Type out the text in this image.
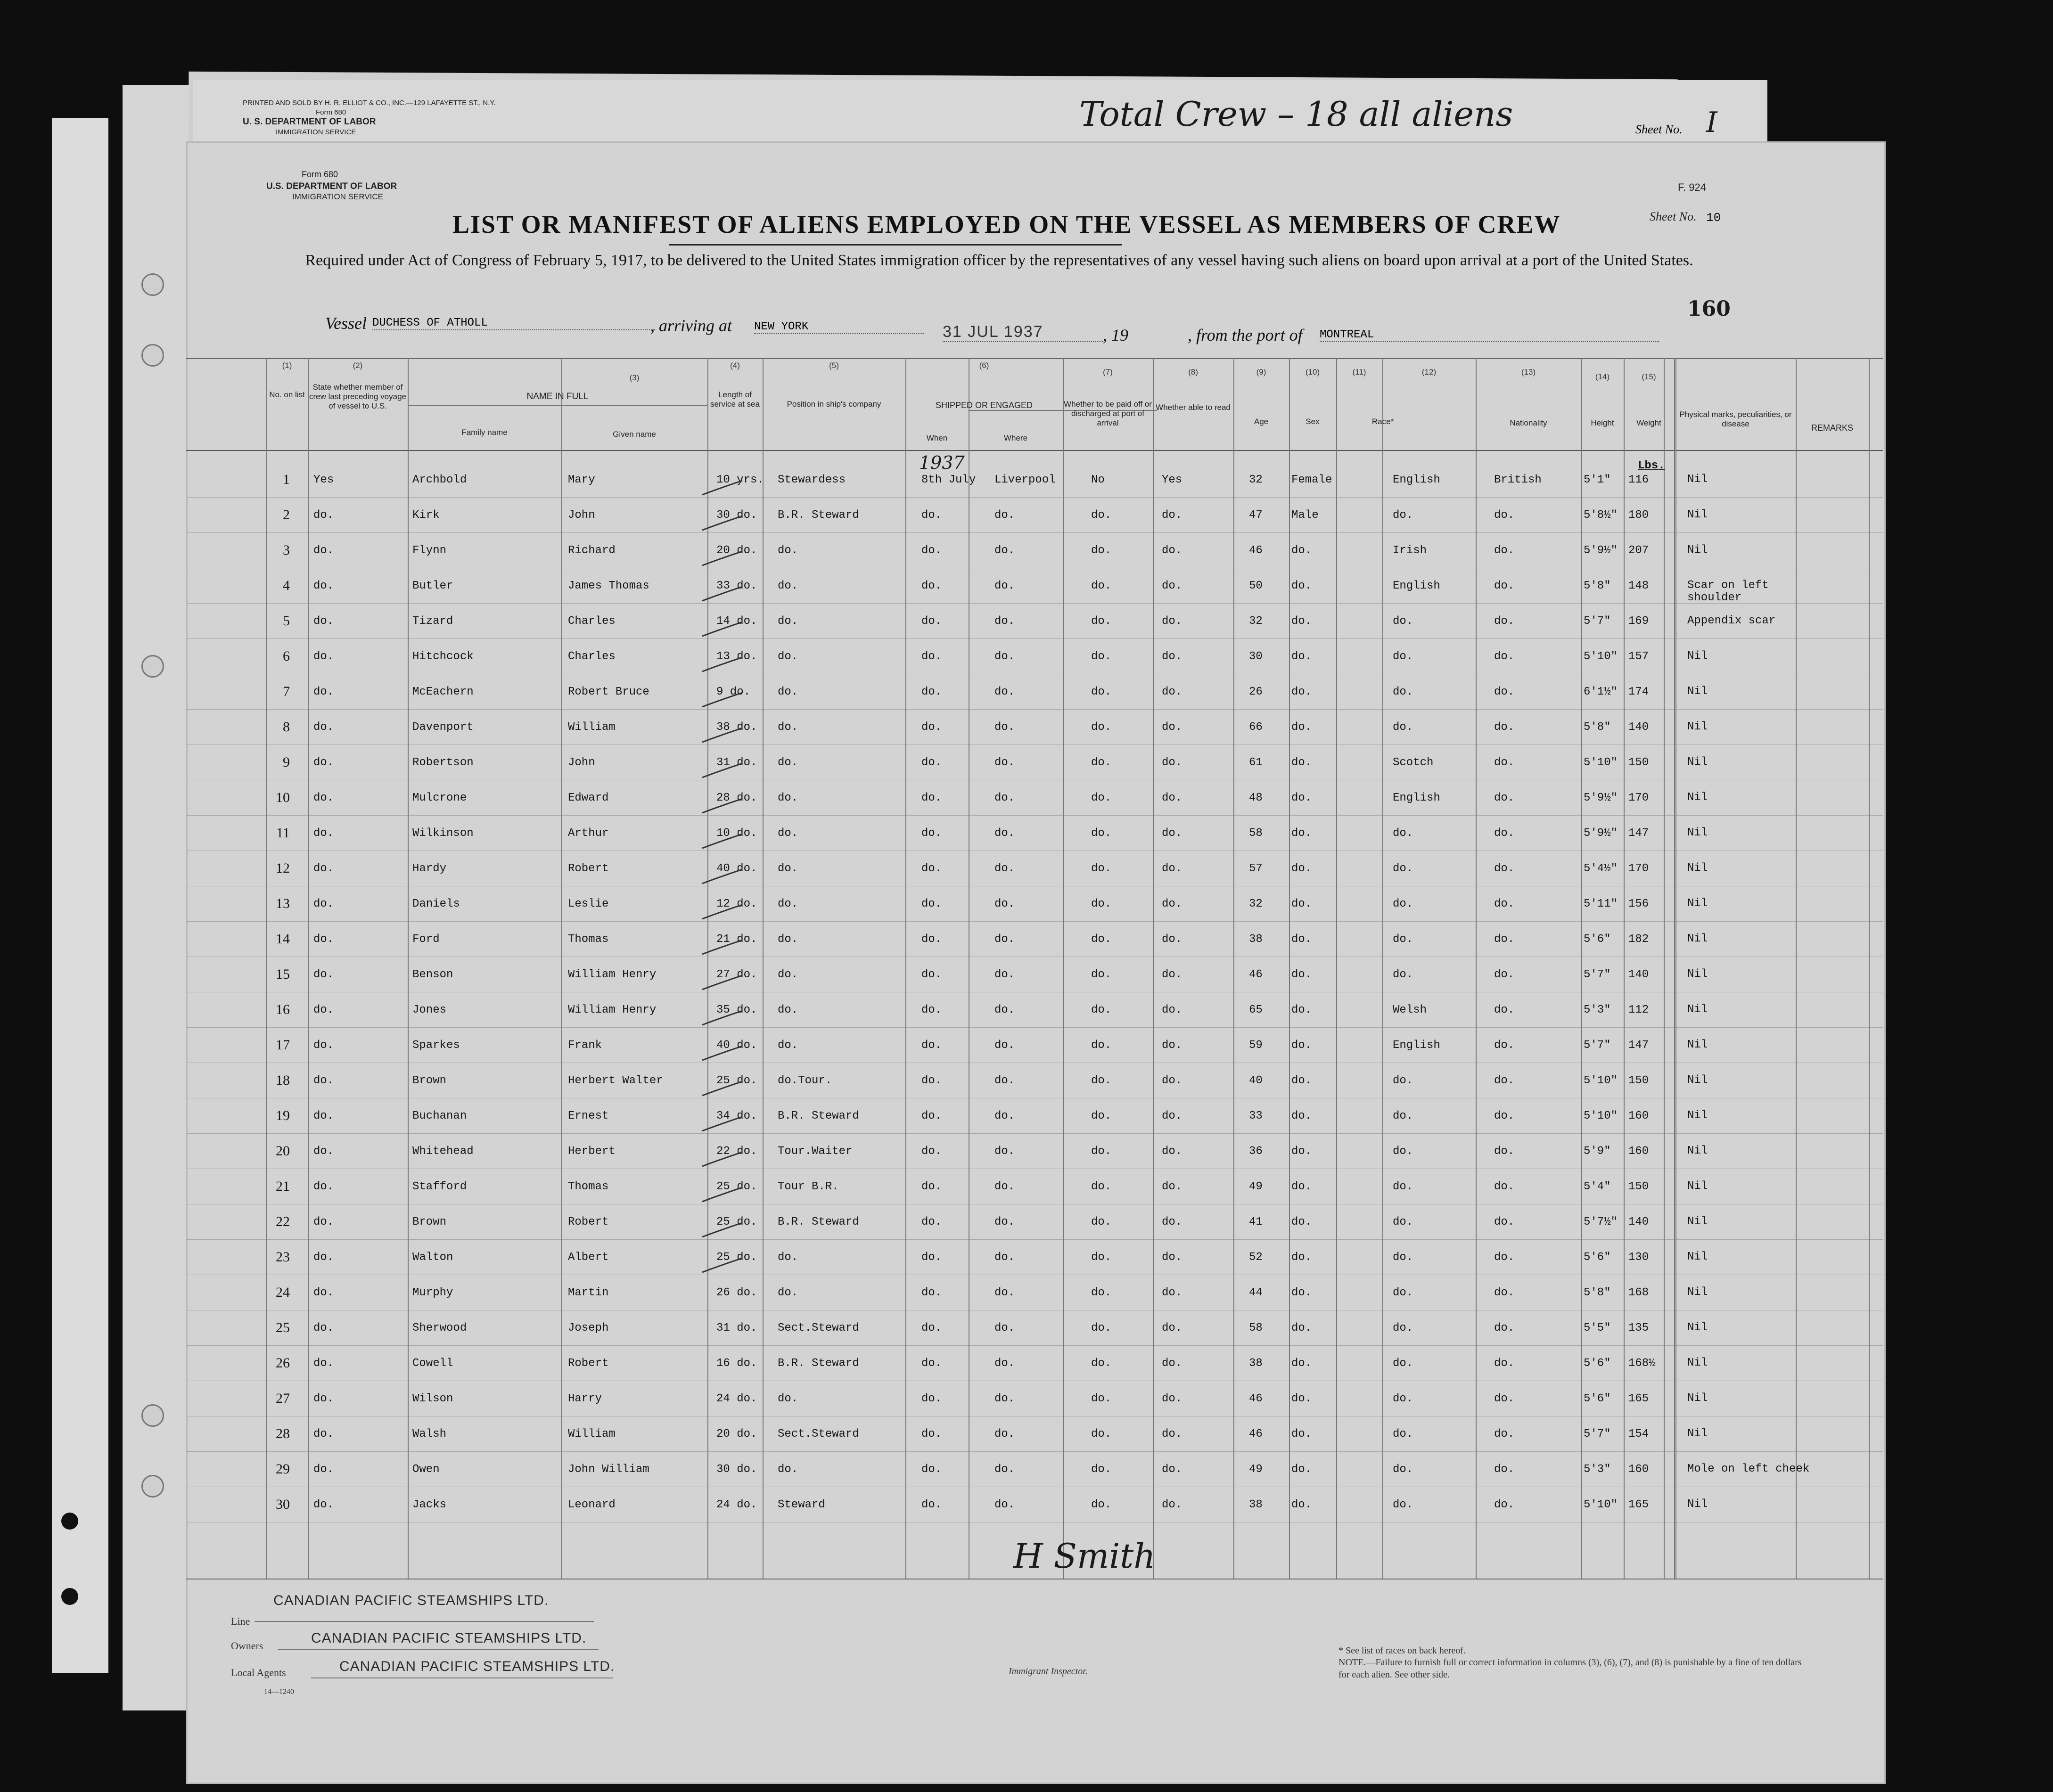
PRINTED AND SOLD BY H. R. ELLIOT & CO., INC.—129 LAFAYETTE ST., N.Y.
Form 680
U. S. DEPARTMENT OF LABOR
IMMIGRATION SERVICE	Total Crew – 18 all aliens	Sheet No. I
Form 680
U.S. DEPARTMENT OF LABOR
IMMIGRATION SERVICE
F. 924
Sheet No. 10
LIST OR MANIFEST OF ALIENS EMPLOYED ON THE VESSEL AS MEMBERS OF CREW
Required under Act of Congress of February 5, 1917, to be delivered to the United States immigration officer by the representatives of any vessel having such aliens on board upon arrival at a port of the United States.
160
Vessel DUCHESS OF ATHOLL	, arriving at NEW YORK	31 JUL 1937	, 19	, from the port of MONTREAL
(1)	(2)
(3)
(4)	(5)	(6)
(7)	(8)	(9)	(10)	(11)	(12)	(13)
(14)	(15)
No. on list
State whether member of crew last preceding voyage of vessel to U.S.
NAME IN FULL
Family name	Given name
Length of service at sea	Position in ship's company	SHIPPED OR ENGAGED
When	Where
Whether to be paid off or discharged at port of arrival
Whether able to read
Age	Sex	Race*	Nationality	Height	Weight
Physical marks, peculiarities, or disease	REMARKS
Lbs.
1937
1 Yes	Archbold	Mary	10 yrs. Stewardess	8th July Liverpool	No	Yes	32	Female	English	British	5'1" 116	Nil
2 do.	Kirk	John	30 do. B.R. Steward	do.	do.	do.	do.	47	Male	do.	do.	5'8½" 180	Nil
3 do.	Flynn	Richard	20 do. do.	do.	do.	do.	do.	46	do.	Irish	do.	5'9½" 207	Nil
4 do.	Butler	James Thomas	33 do. do.	do.	do.	do.	do.	50	do.	English	do.	5'8" 148	Scar on left shoulder
5 do.	Tizard	Charles	14 do. do.	do.	do.	do.	do.	32	do.	do.	do.	5'7" 169	Appendix scar
6 do.	Hitchcock	Charles	13 do. do.	do.	do.	do.	do.	30	do.	do.	do.	5'10" 157	Nil
7 do.	McEachern	Robert Bruce	9 do. do.	do.	do.	do.	do.	26	do.	do.	do.	6'1½" 174	Nil
8 do.	Davenport	William	38 do. do.	do.	do.	do.	do.	66	do.	do.	do.	5'8" 140	Nil
9 do.	Robertson	John	31 do. do.	do.	do.	do.	do.	61	do.	Scotch	do.	5'10" 150	Nil
10 do.	Mulcrone	Edward	28 do. do.	do.	do.	do.	do.	48	do.	English	do.	5'9½" 170	Nil
11 do.	Wilkinson	Arthur	10 do. do.	do.	do.	do.	do.	58	do.	do.	do.	5'9½" 147	Nil
12 do.	Hardy	Robert	40 do. do.	do.	do.	do.	do.	57	do.	do.	do.	5'4½" 170	Nil
13 do.	Daniels	Leslie	12 do. do.	do.	do.	do.	do.	32	do.	do.	do.	5'11" 156	Nil
14 do.	Ford	Thomas	21 do. do.	do.	do.	do.	do.	38	do.	do.	do.	5'6" 182	Nil
15 do.	Benson	William Henry	27 do. do.	do.	do.	do.	do.	46	do.	do.	do.	5'7" 140	Nil
16 do.	Jones	William Henry	35 do. do.	do.	do.	do.	do.	65	do.	Welsh	do.	5'3" 112	Nil
17 do.	Sparkes	Frank	40 do. do.	do.	do.	do.	do.	59	do.	English	do.	5'7" 147	Nil
18 do.	Brown	Herbert Walter	25 do. do.Tour.	do.	do.	do.	do.	40	do.	do.	do.	5'10" 150	Nil
19 do.	Buchanan	Ernest	34 do. B.R. Steward	do.	do.	do.	do.	33	do.	do.	do.	5'10" 160	Nil
20 do.	Whitehead	Herbert	22 do. Tour.Waiter	do.	do.	do.	do.	36	do.	do.	do.	5'9" 160	Nil
21 do.	Stafford	Thomas	25 do. Tour B.R.	do.	do.	do.	do.	49	do.	do.	do.	5'4" 150	Nil
22 do.	Brown	Robert	25 do. B.R. Steward	do.	do.	do.	do.	41	do.	do.	do.	5'7½" 140	Nil
23 do.	Walton	Albert	25 do. do.	do.	do.	do.	do.	52	do.	do.	do.	5'6" 130	Nil
24 do.	Murphy	Martin	26 do. do.	do.	do.	do.	do.	44	do.	do.	do.	5'8" 168	Nil
25 do.	Sherwood	Joseph	31 do. Sect.Steward	do.	do.	do.	do.	58	do.	do.	do.	5'5" 135	Nil
26 do.	Cowell	Robert	16 do. B.R. Steward	do.	do.	do.	do.	38	do.	do.	do.	5'6" 168½	Nil
27 do.	Wilson	Harry	24 do. do.	do.	do.	do.	do.	46	do.	do.	do.	5'6" 165	Nil
28 do.	Walsh	William	20 do. Sect.Steward	do.	do.	do.	do.	46	do.	do.	do.	5'7" 154	Nil
29 do.	Owen	John William	30 do. do.	do.	do.	do.	do.	49	do.	do.	do.	5'3" 160	Mole on left cheek
30 do.	Jacks	Leonard	24 do. Steward	do.	do.	do.	do.	38	do.	do.	do.	5'10" 165	Nil
H Smith
Immigrant Inspector.
Line
CANADIAN PACIFIC STEAMSHIPS LTD.
Owners	CANADIAN PACIFIC STEAMSHIPS LTD.
Local Agents	CANADIAN PACIFIC STEAMSHIPS LTD.
14—1240
* See list of races on back hereof.
NOTE.—Failure to furnish full or correct information in columns (3), (6), (7), and (8) is punishable by a fine of ten dollars for each alien. See other side.
